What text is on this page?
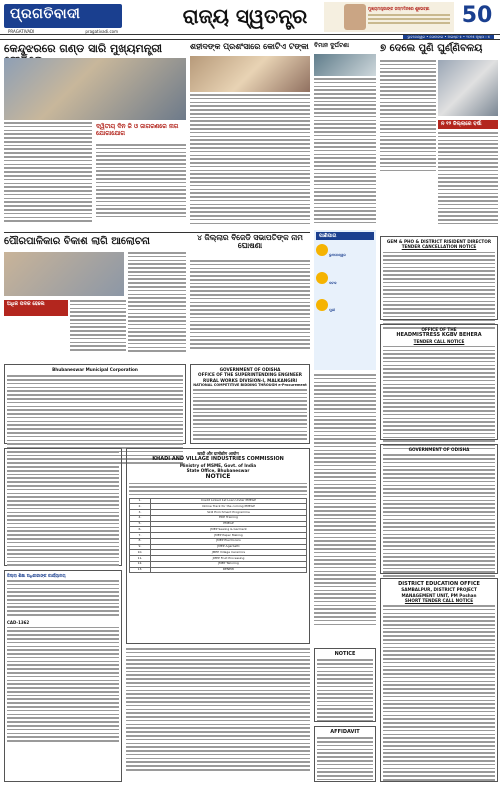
ପ୍ରଗତିବାଦୀ
PRAGATIVADI	pragativadi.com
ରାଜ୍ୟ ସ୍ୱତନ୍ତ୍ର	ମୁଖ୍ୟମନ୍ତ୍ରୀଙ୍କ ଜନ୍ମଦିନରେ ଶୁଭେଚ୍ଛା 50
ଭୁବନେଶ୍ୱର • ସୋମବାର • ଅଗଷ୍ଟ ୫ • ୨୦୨୫ ପୃଷ୍ଠା : ୫
କେନ୍ଦୁଝରରେ ଗଣ୍ଡ ସାରି ମୁଖ୍ୟମନ୍ତ୍ରୀ
ଦ୍ୱିତୀୟ ଦିନ ଜି ଓ ଜାଗରଣରେ ନାଗ ଯୋଗାଯୋଗ
ଶହୀଦଙ୍କ ପ୍ରଶଂସାରେ କୋଟିଏ ଟଙ୍କା ବିମାନ ଦୁର୍ଘଟଣା	୭ ଦେଲେ ପୁଣି ଘୁର୍ଣ୍ଣିବଳୟ
ନ ୧୨ ଜିଲ୍ଲାରେ ବର୍ଷା
ପାଣିପାଗ
ଭୁବନେଶ୍ୱର
କଟକ
ପୁରୀ
ପୌରପାଳିକାର ବିକାଶ ଲାଗି ଆଲୋଚନା
ଅଧିକ ପଦକ ହେଲେ
୪ ଜିଲ୍ଲାର ବିଜେଡି ସଭାପତିଙ୍କ ନାମ ଘୋଷଣା
Bhubaneswar Municipal Corporation	GOVERNMENT OF ODISHA
OFFICE OF THE SUPERINTENDING ENGINEER
RURAL WORKS DIVISION-I, MALKANGIRI
NATIONAL COMPETITIVE BIDDING THROUGH e-Procurement
खादी और ग्रामोद्योग आयोग
KHADI AND VILLAGE INDUSTRIES COMMISSION
Ministry of MSME, Govt. of India
State Office, Bhubaneswar
NOTICE
1.	Credit Linked 1st Loan Under PMEGP
2.	Online Track for the coming PMEGP
3.	Skill Enrichment Programme
4.	EDP Training
5.	PMEGP
6.	JMEP Sewing & Garment
7.	JMEP Paper Making
8.	JMEP Electronics
9.	JMEP Agarbatti
10.	JMEP Village Ceramics
11.	JMEP Fruit Processing
12.	JMEP Tailoring
13.	RENEW
ଜିଲ୍ଲା ଶିକ୍ଷା ଅଧିକାରୀଙ୍କ କାର୍ଯ୍ୟାଳୟ
CAD-1362
GEM & PHO & DISTRICT RISIDENT DIRECTOR
TENDER CANCELLATION NOTICE
OFFICE OF THE
HEADMISTRESS KGBV BEHERA
TENDER CALL NOTICE
GOVERNMENT OF ODISHA
DISTRICT EDUCATION OFFICE
SAMBALPUR, DISTRICT PROJECT
MANAGEMENT UNIT, PM Poshan
SHORT TENDER CALL NOTICE
NOTICE
AFFIDAVIT
